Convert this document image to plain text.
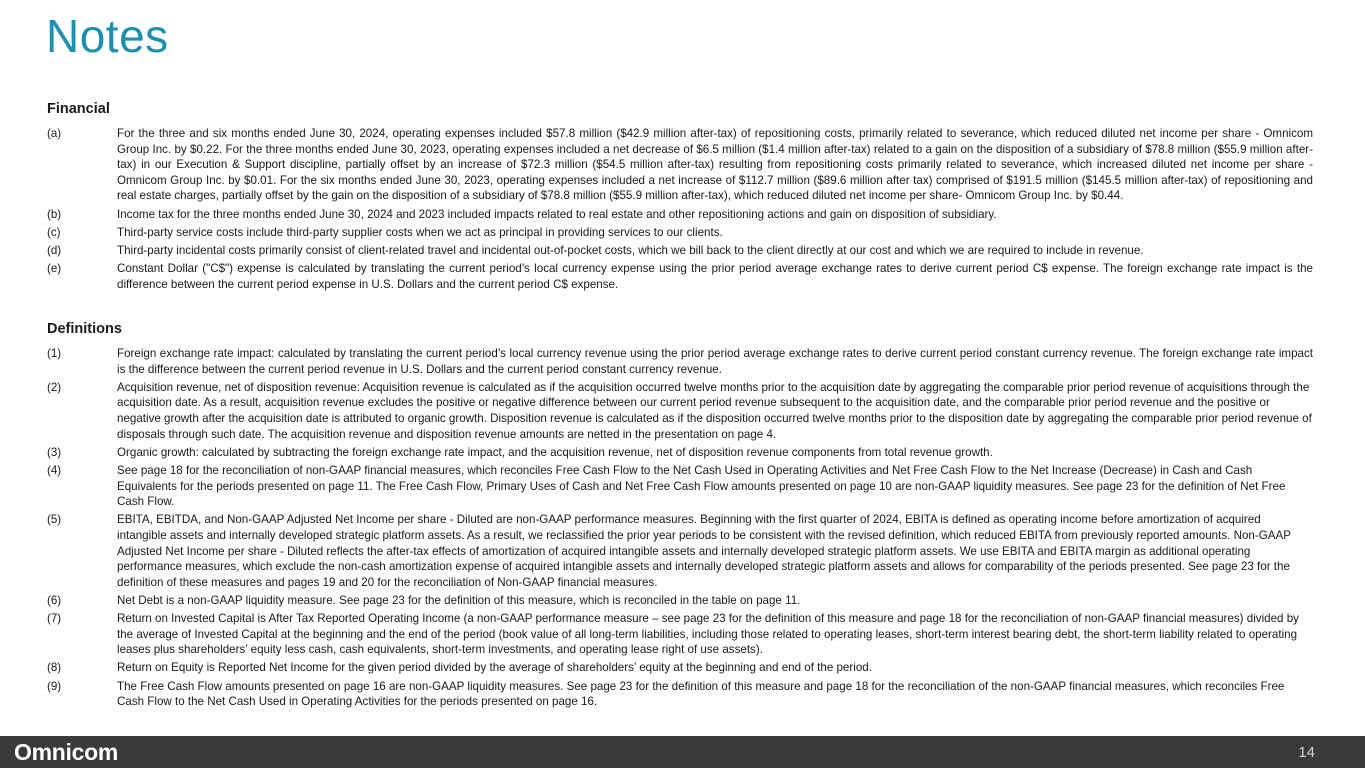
Notes
Financial
(a)	For the three and six months ended June 30, 2024, operating expenses included $57.8 million ($42.9 million after-tax) of repositioning costs, primarily related to severance, which reduced diluted net income per share - Omnicom Group Inc. by $0.22. For the three months ended June 30, 2023, operating expenses included a net decrease of $6.5 million ($1.4 million after-tax) related to a gain on the disposition of a subsidiary of $78.8 million ($55.9 million after-tax) in our Execution & Support discipline, partially offset by an increase of $72.3 million ($54.5 million after-tax) resulting from repositioning costs primarily related to severance, which increased diluted net income per share - Omnicom Group Inc. by $0.01. For the six months ended June 30, 2023, operating expenses included a net increase of $112.7 million ($89.6 million after tax) comprised of $191.5 million ($145.5 million after-tax) of repositioning and real estate charges, partially offset by the gain on the disposition of a subsidiary of $78.8 million ($55.9 million after-tax), which reduced diluted net income per share- Omnicom Group Inc. by $0.44.
(b)	Income tax for the three months ended June 30, 2024 and 2023 included impacts related to real estate and other repositioning actions and gain on disposition of subsidiary.
(c)	Third-party service costs include third-party supplier costs when we act as principal in providing services to our clients.
(d)	Third-party incidental costs primarily consist of client-related travel and incidental out-of-pocket costs, which we bill back to the client directly at our cost and which we are required to include in revenue.
(e)	Constant Dollar ("C$") expense is calculated by translating the current period’s local currency expense using the prior period average exchange rates to derive current period C$ expense. The foreign exchange rate impact is the difference between the current period expense in U.S. Dollars and the current period C$ expense.
Definitions
(1)	Foreign exchange rate impact: calculated by translating the current period’s local currency revenue using the prior period average exchange rates to derive current period constant currency revenue. The foreign exchange rate impact is the difference between the current period revenue in U.S. Dollars and the current period constant currency revenue.
(2)	Acquisition revenue, net of disposition revenue: Acquisition revenue is calculated as if the acquisition occurred twelve months prior to the acquisition date by aggregating the comparable prior period revenue of acquisitions through the acquisition date. As a result, acquisition revenue excludes the positive or negative difference between our current period revenue subsequent to the acquisition date, and the comparable prior period revenue and the positive or negative growth after the acquisition date is attributed to organic growth. Disposition revenue is calculated as if the disposition occurred twelve months prior to the disposition date by aggregating the comparable prior period revenue of disposals through such date. The acquisition revenue and disposition revenue amounts are netted in the presentation on page 4.
(3)	Organic growth: calculated by subtracting the foreign exchange rate impact, and the acquisition revenue, net of disposition revenue components from total revenue growth.
(4)	See page 18 for the reconciliation of non-GAAP financial measures, which reconciles Free Cash Flow to the Net Cash Used in Operating Activities and Net Free Cash Flow to the Net Increase (Decrease) in Cash and Cash Equivalents for the periods presented on page 11. The Free Cash Flow, Primary Uses of Cash and Net Free Cash Flow amounts presented on page 10 are non-GAAP liquidity measures. See page 23 for the definition of Net Free Cash Flow.
(5)	EBITA, EBITDA, and Non-GAAP Adjusted Net Income per share - Diluted are non-GAAP performance measures. Beginning with the first quarter of 2024, EBITA is defined as operating income before amortization of acquired intangible assets and internally developed strategic platform assets. As a result, we reclassified the prior year periods to be consistent with the revised definition, which reduced EBITA from previously reported amounts. Non-GAAP Adjusted Net Income per share - Diluted reflects the after-tax effects of amortization of acquired intangible assets and internally developed strategic platform assets. We use EBITA and EBITA margin as additional operating performance measures, which exclude the non-cash amortization expense of acquired intangible assets and internally developed strategic platform assets and allows for comparability of the periods presented. See page 23 for the definition of these measures and pages 19 and 20 for the reconciliation of Non-GAAP financial measures.
(6)	Net Debt is a non-GAAP liquidity measure. See page 23 for the definition of this measure, which is reconciled in the table on page 11.
(7)	Return on Invested Capital is After Tax Reported Operating Income (a non-GAAP performance measure – see page 23 for the definition of this measure and page 18 for the reconciliation of non-GAAP financial measures) divided by the average of Invested Capital at the beginning and the end of the period (book value of all long-term liabilities, including those related to operating leases, short-term interest bearing debt, the short-term liability related to operating leases plus shareholders’ equity less cash, cash equivalents, short-term investments, and operating lease right of use assets).
(8)	Return on Equity is Reported Net Income for the given period divided by the average of shareholders’ equity at the beginning and end of the period.
(9)	The Free Cash Flow amounts presented on page 16 are non-GAAP liquidity measures. See page 23 for the definition of this measure and page 18 for the reconciliation of the non-GAAP financial measures, which reconciles Free Cash Flow to the Net Cash Used in Operating Activities for the periods presented on page 16.
Omnicom	14
